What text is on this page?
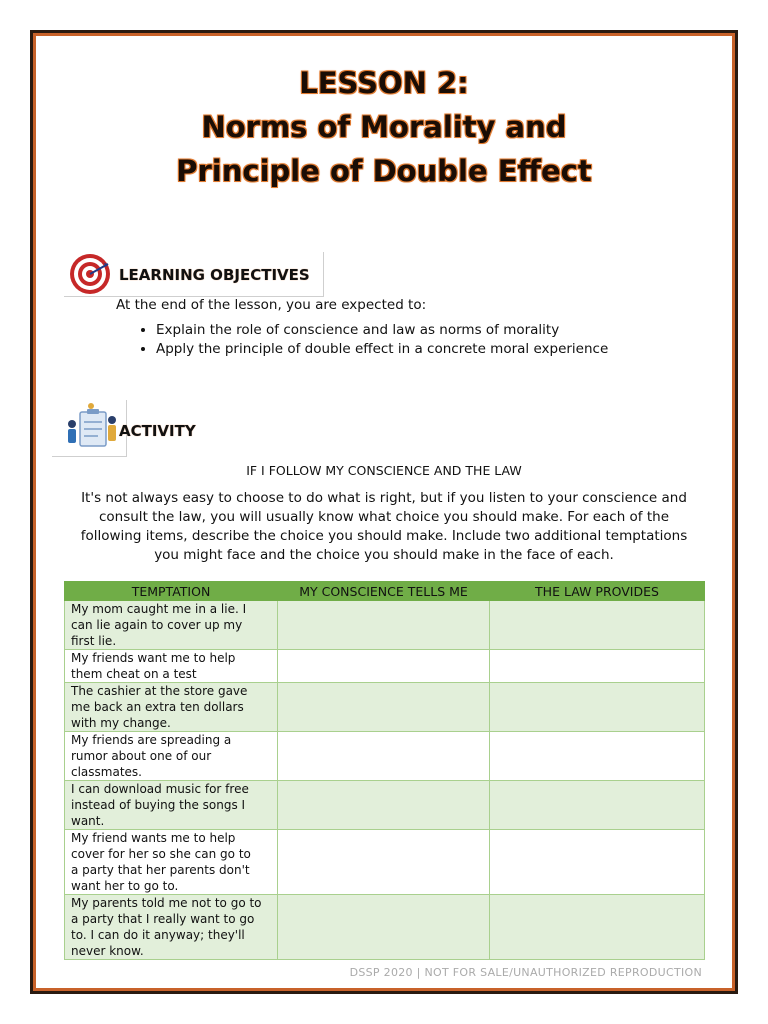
LESSON 2:
Norms of Morality and
Principle of Double Effect
LEARNING OBJECTIVES
At the end of the lesson, you are expected to:
• Explain the role of conscience and law as norms of morality
• Apply the principle of double effect in a concrete moral experience
ACTIVITY
IF I FOLLOW MY CONSCIENCE AND THE LAW
It's not always easy to choose to do what is right, but if you listen to your conscience and
consult the law, you will usually know what choice you should make. For each of the
following items, describe the choice you should make. Include two additional temptations
you might face and the choice you should make in the face of each.
TEMPTATION	MY CONSCIENCE TELLS ME	THE LAW PROVIDES

My mom caught me in a lie. I
can lie again to cover up my
first lie.		

My friends want me to help
them cheat on a test		

The cashier at the store gave
me back an extra ten dollars
with my change.		

My friends are spreading a
rumor about one of our
classmates.		

I can download music for free
instead of buying the songs I
want.		

My friend wants me to help
cover for her so she can go to
a party that her parents don't
want her to go to.		

My parents told me not to go to
a party that I really want to go
to. I can do it anyway; they'll
never know.		

DSSP 2020 | NOT FOR SALE/UNAUTHORIZED REPRODUCTION
